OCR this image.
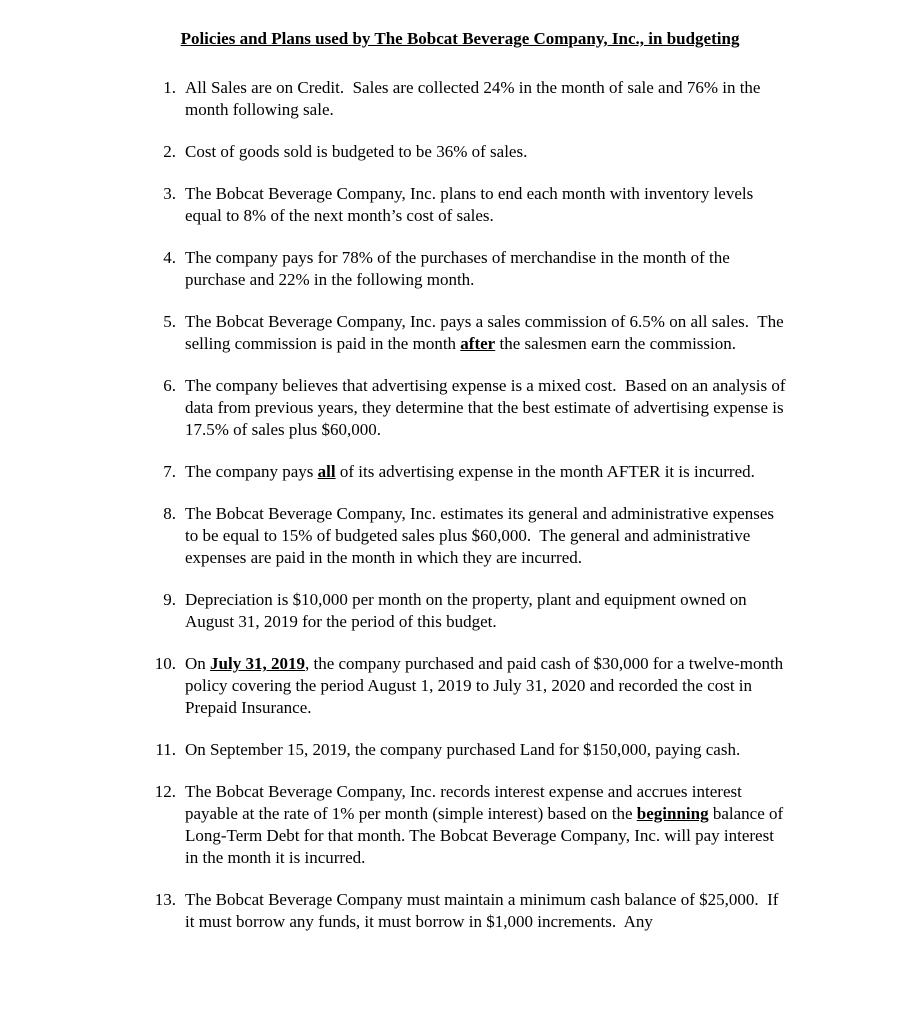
Policies and Plans used by The Bobcat Beverage Company, Inc., in budgeting
1. All Sales are on Credit.  Sales are collected 24% in the month of sale and 76% in the month following sale.

2. Cost of goods sold is budgeted to be 36% of sales.

3. The Bobcat Beverage Company, Inc. plans to end each month with inventory levels equal to 8% of the next month’s cost of sales.

4. The company pays for 78% of the purchases of merchandise in the month of the purchase and 22% in the following month.

5. The Bobcat Beverage Company, Inc. pays a sales commission of 6.5% on all sales.  The selling commission is paid in the month after the salesmen earn the commission.

6. The company believes that advertising expense is a mixed cost.  Based on an analysis of data from previous years, they determine that the best estimate of advertising expense is 17.5% of sales plus $60,000.

7. The company pays all of its advertising expense in the month AFTER it is incurred.

8. The Bobcat Beverage Company, Inc. estimates its general and administrative expenses to be equal to 15% of budgeted sales plus $60,000.  The general and administrative expenses are paid in the month in which they are incurred.

9. Depreciation is $10,000 per month on the property, plant and equipment owned on August 31, 2019 for the period of this budget.

10. On July 31, 2019, the company purchased and paid cash of $30,000 for a twelve-month policy covering the period August 1, 2019 to July 31, 2020 and recorded the cost in Prepaid Insurance.

11. On September 15, 2019, the company purchased Land for $150,000, paying cash.

12. The Bobcat Beverage Company, Inc. records interest expense and accrues interest payable at the rate of 1% per month (simple interest) based on the beginning balance of Long-Term Debt for that month. The Bobcat Beverage Company, Inc. will pay interest in the month it is incurred.

13. The Bobcat Beverage Company must maintain a minimum cash balance of $25,000.  If it must borrow any funds, it must borrow in $1,000 increments.  Any
